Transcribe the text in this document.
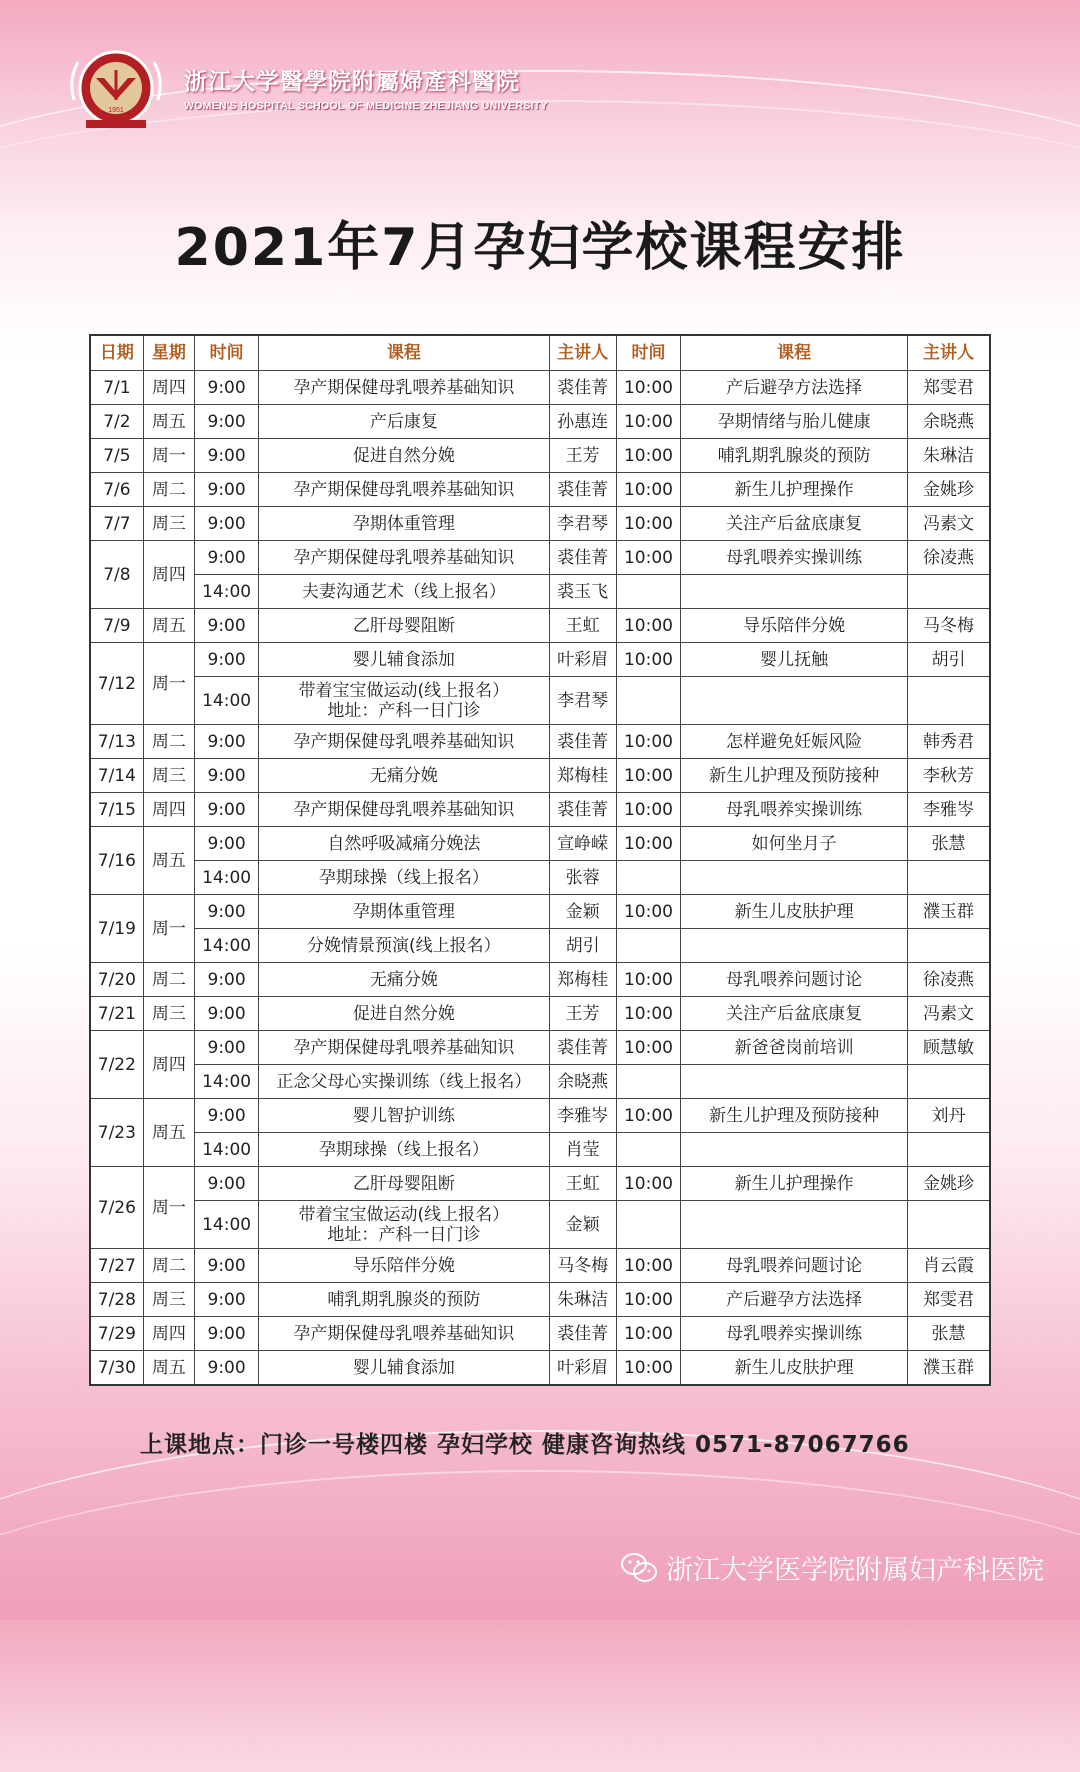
1951
浙江大学醫學院附屬婦產科醫院
WOMEN'S HOSPITAL SCHOOL OF MEDICINE ZHEJIANG UNIVERSITY
2021年7月孕妇学校课程安排
日期	星期	时间	课程	主讲人	时间	课程	主讲人
7/1	周四	9:00	孕产期保健母乳喂养基础知识	裘佳菁	10:00	产后避孕方法选择	郑雯君
7/2	周五	9:00	产后康复	孙惠连	10:00	孕期情绪与胎儿健康	余晓燕
7/5	周一	9:00	促进自然分娩	王芳	10:00	哺乳期乳腺炎的预防	朱琳洁
7/6	周二	9:00	孕产期保健母乳喂养基础知识	裘佳菁	10:00	新生儿护理操作	金姚珍
7/7	周三	9:00	孕期体重管理	李君琴	10:00	关注产后盆底康复	冯素文
7/8	周四	9:00	孕产期保健母乳喂养基础知识	裘佳菁	10:00	母乳喂养实操训练	徐凌燕
		14:00	夫妻沟通艺术（线上报名）	裘玉飞			
7/9	周五	9:00	乙肝母婴阻断	王虹	10:00	导乐陪伴分娩	马冬梅
7/12	周一	9:00	婴儿辅食添加	叶彩眉	10:00	婴儿抚触	胡引
		14:00	带着宝宝做运动(线上报名）
地址：产科一日门诊	李君琴			
7/13	周二	9:00	孕产期保健母乳喂养基础知识	裘佳菁	10:00	怎样避免妊娠风险	韩秀君
7/14	周三	9:00	无痛分娩	郑梅桂	10:00	新生儿护理及预防接种	李秋芳
7/15	周四	9:00	孕产期保健母乳喂养基础知识	裘佳菁	10:00	母乳喂养实操训练	李雅岑
7/16	周五	9:00	自然呼吸减痛分娩法	宣峥嵘	10:00	如何坐月子	张慧
		14:00	孕期球操（线上报名）	张蓉			
7/19	周一	9:00	孕期体重管理	金颖	10:00	新生儿皮肤护理	濮玉群
		14:00	分娩情景预演(线上报名）	胡引			
7/20	周二	9:00	无痛分娩	郑梅桂	10:00	母乳喂养问题讨论	徐凌燕
7/21	周三	9:00	促进自然分娩	王芳	10:00	关注产后盆底康复	冯素文
7/22	周四	9:00	孕产期保健母乳喂养基础知识	裘佳菁	10:00	新爸爸岗前培训	顾慧敏
		14:00	正念父母心实操训练（线上报名）	余晓燕			
7/23	周五	9:00	婴儿智护训练	李雅岑	10:00	新生儿护理及预防接种	刘丹
		14:00	孕期球操（线上报名）	肖莹			
7/26	周一	9:00	乙肝母婴阻断	王虹	10:00	新生儿护理操作	金姚珍
		14:00	带着宝宝做运动(线上报名）
地址：产科一日门诊	金颖			
7/27	周二	9:00	导乐陪伴分娩	马冬梅	10:00	母乳喂养问题讨论	肖云霞
7/28	周三	9:00	哺乳期乳腺炎的预防	朱琳洁	10:00	产后避孕方法选择	郑雯君
7/29	周四	9:00	孕产期保健母乳喂养基础知识	裘佳菁	10:00	母乳喂养实操训练	张慧
7/30	周五	9:00	婴儿辅食添加	叶彩眉	10:00	新生儿皮肤护理	濮玉群
上课地点：门诊一号楼四楼 孕妇学校 健康咨询热线 0571-87067766
浙江大学医学院附属妇产科医院
